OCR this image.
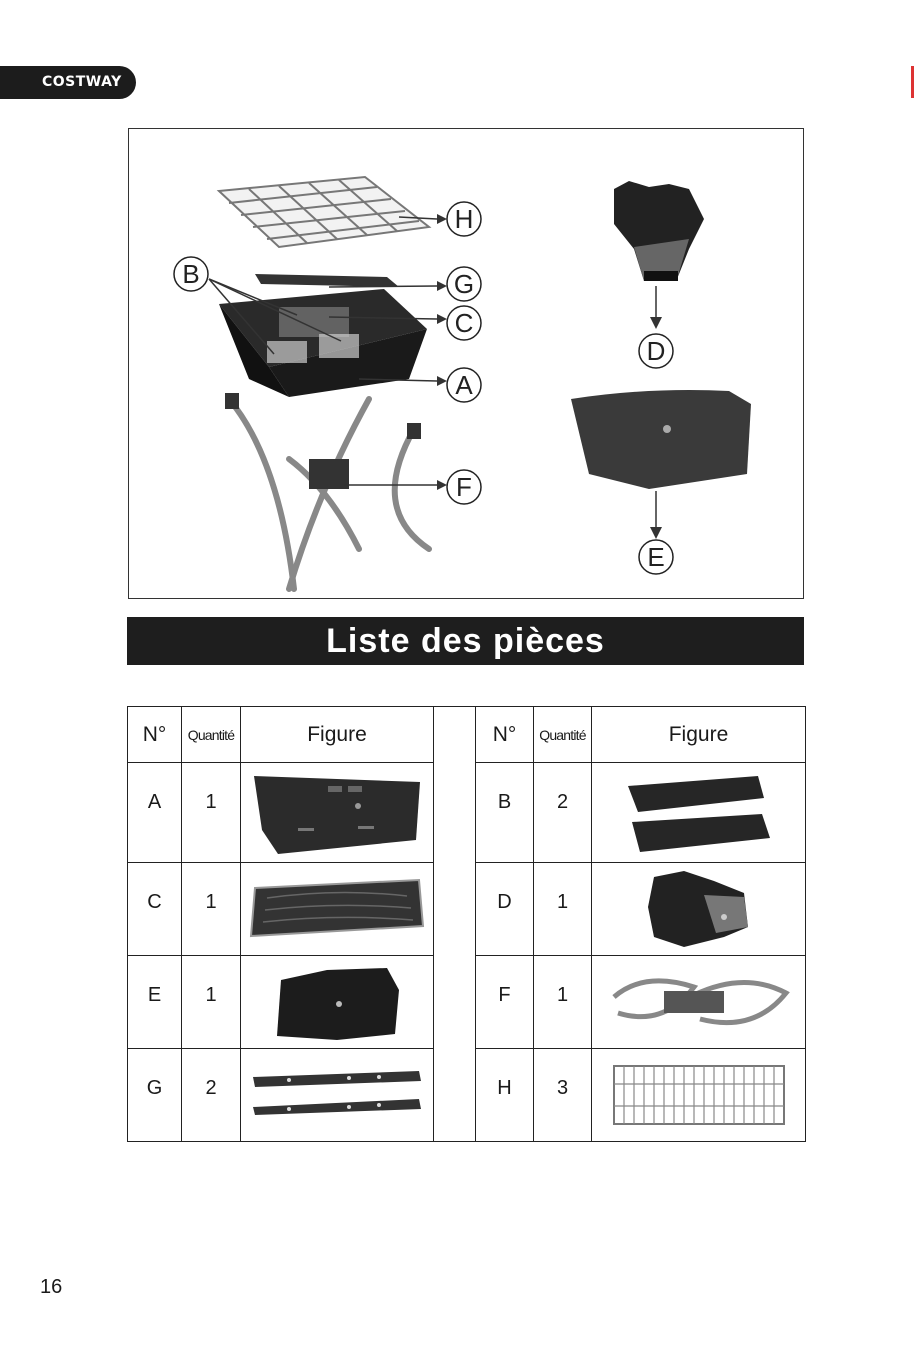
COSTWAY
H
B	G
C
A
F
D
E
Liste des pièces
N°	Quantité	Figure		N°	Quantité	Figure
A	1			B	2	

C	1			D	1	

E	1			F	1	

G	2			H	3	
16
